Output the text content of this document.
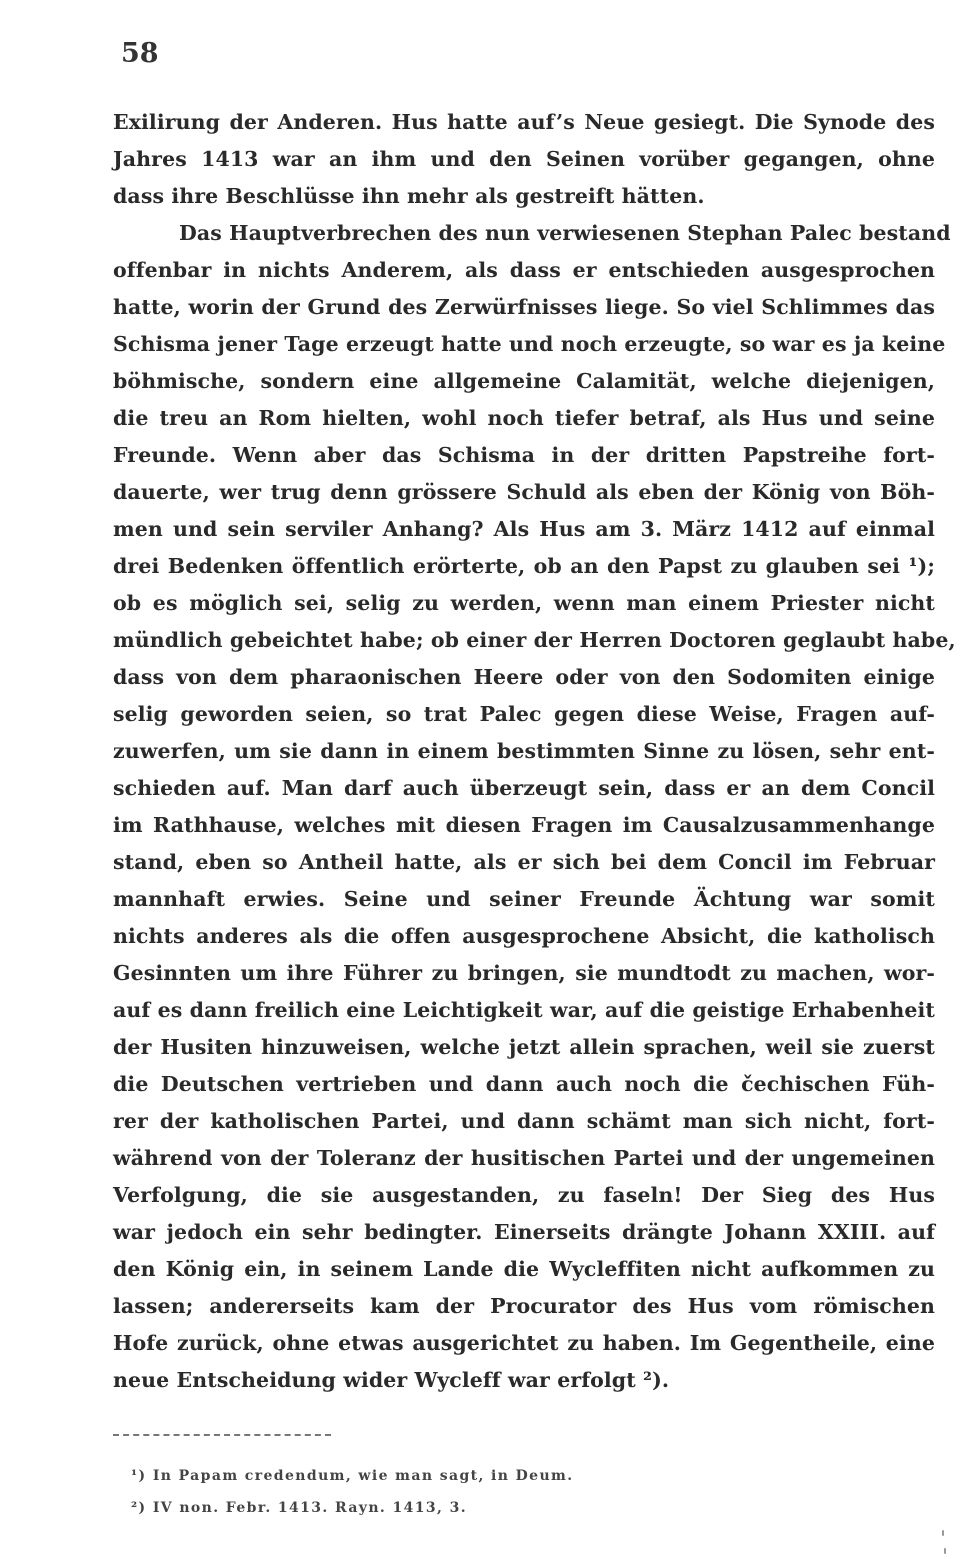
58
Exilirung der Anderen. Hus hatte auf’s Neue gesiegt. Die Synode des
Jahres 1413 war an ihm und den Seinen vorüber gegangen, ohne
dass ihre Beschlüsse ihn mehr als gestreift hätten.
Das Hauptverbrechen des nun verwiesenen Stephan Palec bestand
offenbar in nichts Anderem, als dass er entschieden ausgesprochen
hatte, worin der Grund des Zerwürfnisses liege. So viel Schlimmes das
Schisma jener Tage erzeugt hatte und noch erzeugte, so war es ja keine
böhmische, sondern eine allgemeine Calamität, welche diejenigen,
die treu an Rom hielten, wohl noch tiefer betraf, als Hus und seine
Freunde. Wenn aber das Schisma in der dritten Papstreihe fort-
dauerte, wer trug denn grössere Schuld als eben der König von Böh-
men und sein serviler Anhang? Als Hus am 3. März 1412 auf einmal
drei Bedenken öffentlich erörterte, ob an den Papst zu glauben sei ¹);
ob es möglich sei, selig zu werden, wenn man einem Priester nicht
mündlich gebeichtet habe; ob einer der Herren Doctoren geglaubt habe,
dass von dem pharaonischen Heere oder von den Sodomiten einige
selig geworden seien, so trat Palec gegen diese Weise, Fragen auf-
zuwerfen, um sie dann in einem bestimmten Sinne zu lösen, sehr ent-
schieden auf. Man darf auch überzeugt sein, dass er an dem Concil
im Rathhause, welches mit diesen Fragen im Causalzusammenhange
stand, eben so Antheil hatte, als er sich bei dem Concil im Februar
mannhaft erwies. Seine und seiner Freunde Ächtung war somit
nichts anderes als die offen ausgesprochene Absicht, die katholisch
Gesinnten um ihre Führer zu bringen, sie mundtodt zu machen, wor-
auf es dann freilich eine Leichtigkeit war, auf die geistige Erhabenheit
der Husiten hinzuweisen, welche jetzt allein sprachen, weil sie zuerst
die Deutschen vertrieben und dann auch noch die čechischen Füh-
rer der katholischen Partei, und dann schämt man sich nicht, fort-
während von der Toleranz der husitischen Partei und der ungemeinen
Verfolgung, die sie ausgestanden, zu faseln! Der Sieg des Hus
war jedoch ein sehr bedingter. Einerseits drängte Johann XXIII. auf
den König ein, in seinem Lande die Wycleffiten nicht aufkommen zu
lassen; andererseits kam der Procurator des Hus vom römischen
Hofe zurück, ohne etwas ausgerichtet zu haben. Im Gegentheile, eine
neue Entscheidung wider Wycleff war erfolgt ²).
¹) In Papam credendum, wie man sagt, in Deum.
²) IV non. Febr. 1413. Rayn. 1413, 3.
